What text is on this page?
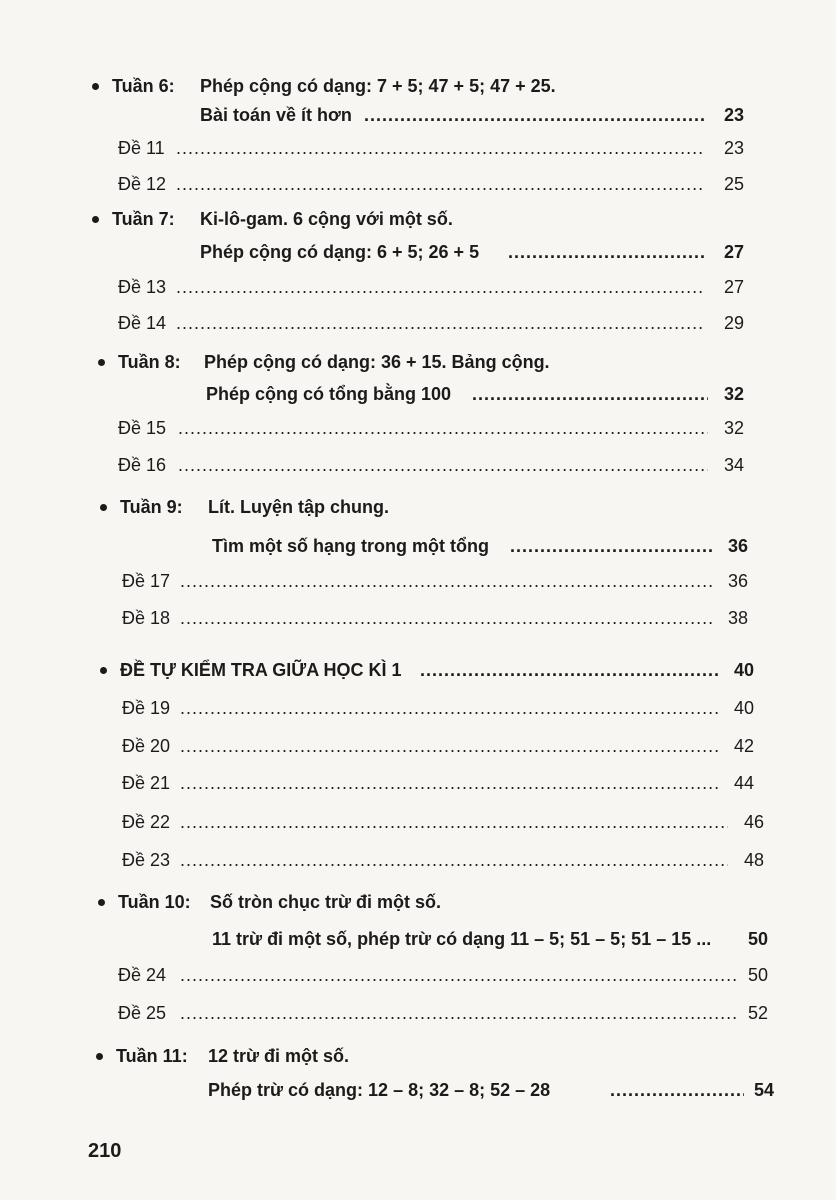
Tuần 6: Phép cộng có dạng: 7 + 5; 47 + 5; 47 + 25.
Bài toán về ít hơn .....	23
Đề 11 .....	23
Đề 12 .....	25
Tuần 7: Ki-lô-gam. 6 cộng với một số.
Phép cộng có dạng: 6 + 5; 26 + 5 .....	27
Đề 13 .....	27
Đề 14 .....	29
Tuần 8: Phép cộng có dạng: 36 + 15. Bảng cộng.
Phép cộng có tổng bằng 100 .....	32
Đề 15 .....	32
Đề 16 .....	34
Tuần 9: Lít. Luyện tập chung.
Tìm một số hạng trong một tổng .....	36
Đề 17 .....	36
Đề 18 .....	38
ĐỀ TỰ KIỂM TRA GIỮA HỌC KÌ 1 .....	40
Đề 19 .....	40
Đề 20 .....	42
Đề 21 .....	44
Đề 22 .....	46
Đề 23 .....	48
Tuần 10: Số tròn chục trừ đi một số.
11 trừ đi một số, phép trừ có dạng 11 – 5; 51 – 5; 51 – 15 ... 50
Đề 24 .....	50
Đề 25 .....	52
Tuần 11: 12 trừ đi một số.
Phép trừ có dạng: 12 – 8; 32 – 8; 52 – 28 .....	54
210
